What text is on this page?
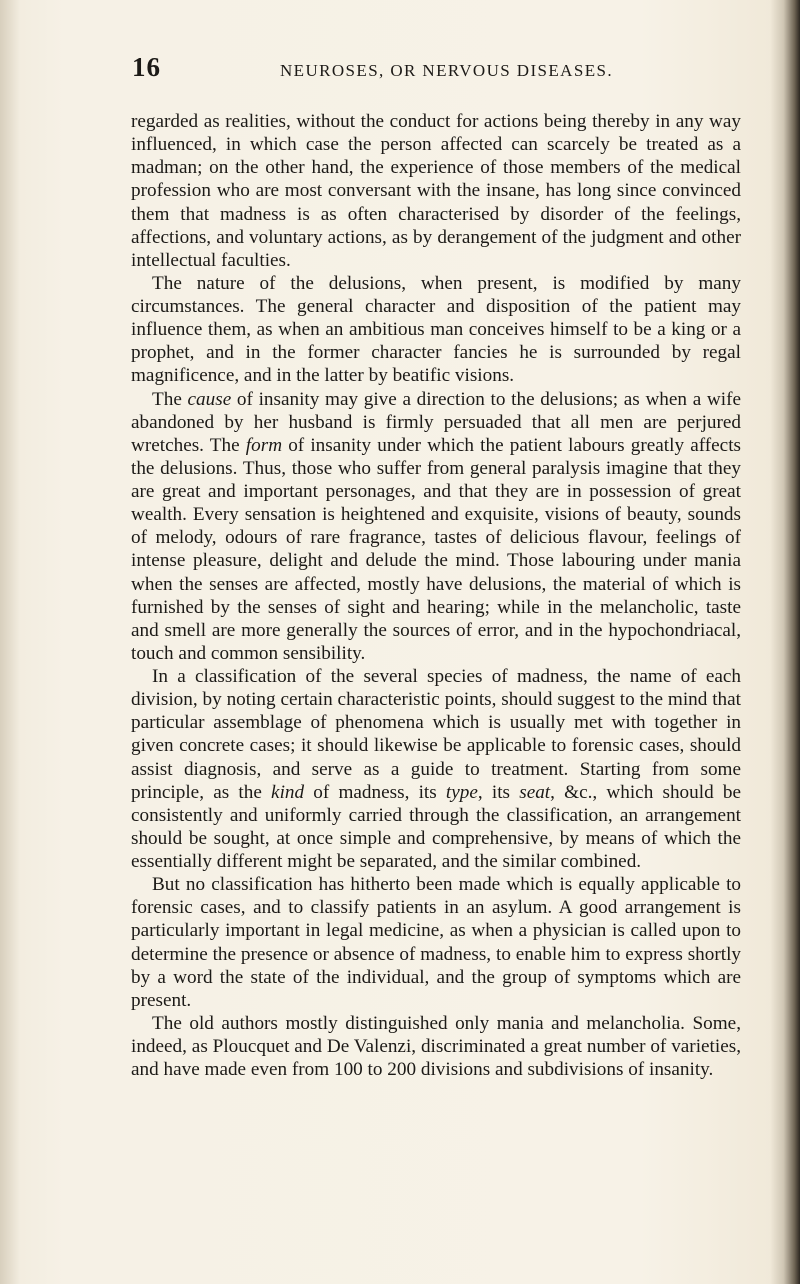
16	NEUROSES, OR NERVOUS DISEASES.

regarded as realities, without the conduct for actions being thereby in any way influenced, in which case the person affected can scarcely be treated as a madman; on the other hand, the experience of those members of the medical profession who are most conversant with the insane, has long since convinced them that madness is as often characterised by disorder of the feelings, affections, and voluntary actions, as by derangement of the judgment and other intellectual faculties.

The nature of the delusions, when present, is modified by many circumstances. The general character and disposition of the patient may influence them, as when an ambitious man conceives himself to be a king or a prophet, and in the former character fancies he is surrounded by regal magnificence, and in the latter by beatific visions.

The cause of insanity may give a direction to the delusions; as when a wife abandoned by her husband is firmly persuaded that all men are perjured wretches. The form of insanity under which the patient labours greatly affects the delusions. Thus, those who suffer from general paralysis imagine that they are great and important personages, and that they are in possession of great wealth. Every sensation is heightened and exquisite, visions of beauty, sounds of melody, odours of rare fragrance, tastes of delicious flavour, feelings of intense pleasure, delight and delude the mind. Those labouring under mania when the senses are affected, mostly have delusions, the material of which is furnished by the senses of sight and hearing; while in the melancholic, taste and smell are more generally the sources of error, and in the hypochondriacal, touch and common sensibility.

In a classification of the several species of madness, the name of each division, by noting certain characteristic points, should suggest to the mind that particular assemblage of phenomena which is usually met with together in given concrete cases; it should likewise be applicable to forensic cases, should assist diagnosis, and serve as a guide to treatment. Starting from some principle, as the kind of madness, its type, its seat, &c., which should be consistently and uniformly carried through the classification, an arrangement should be sought, at once simple and comprehensive, by means of which the essentially different might be separated, and the similar combined.

But no classification has hitherto been made which is equally applicable to forensic cases, and to classify patients in an asylum. A good arrangement is particularly important in legal medicine, as when a physician is called upon to determine the presence or absence of madness, to enable him to express shortly by a word the state of the individual, and the group of symptoms which are present.

The old authors mostly distinguished only mania and melancholia. Some, indeed, as Ploucquet and De Valenzi, discriminated a great number of varieties, and have made even from 100 to 200 divisions and subdivisions of insanity.
